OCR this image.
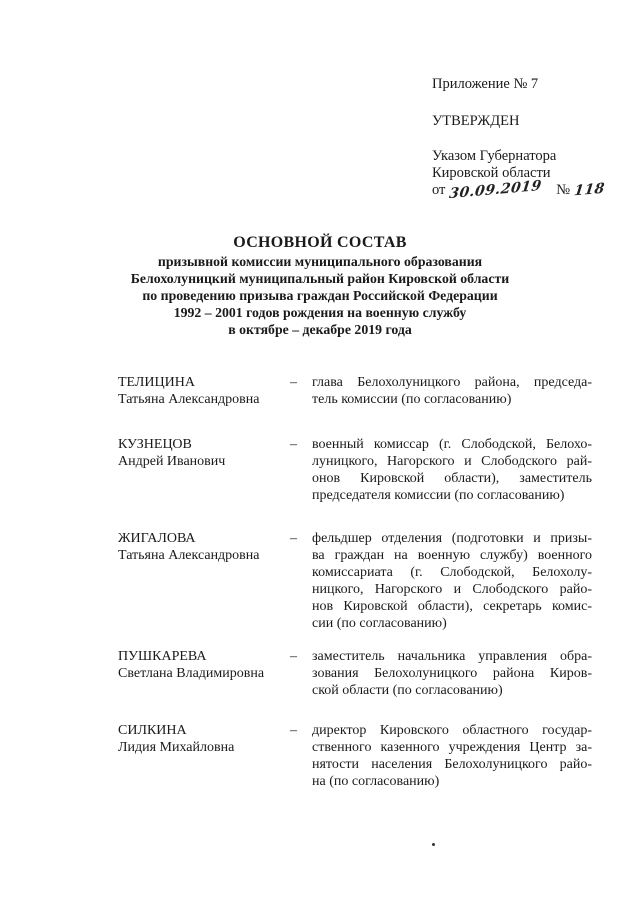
Приложение № 7
УТВЕРЖДЕН
Указом Губернатора
Кировской области
от 30.09.2019 № 118
ОСНОВНОЙ СОСТАВ
призывной комиссии муниципального образования
Белохолуницкий муниципальный район Кировской области
по проведению призыва граждан Российской Федерации
1992 – 2001 годов рождения на военную службу
в октябре – декабре 2019 года
ТЕЛИЦИНА
Татьяна Александровна
–	глава Белохолуницкого района, председа-
тель комиссии (по согласованию)
КУЗНЕЦОВ
Андрей Иванович
–	военный комиссар (г. Слободской, Белохо-
луницкого, Нагорского и Слободского рай-
онов Кировской области), заместитель
председателя комиссии (по согласованию)
ЖИГАЛОВА
Татьяна Александровна
–	фельдшер отделения (подготовки и призы-
ва граждан на военную службу) военного
комиссариата (г. Слободской, Белохолу-
ницкого, Нагорского и Слободского райо-
нов Кировской области), секретарь комис-
сии (по согласованию)
ПУШКАРЕВА
Светлана Владимировна
–	заместитель начальника управления обра-
зования Белохолуницкого района Киров-
ской области (по согласованию)
СИЛКИНА
Лидия Михайловна
–	директор Кировского областного государ-
ственного казенного учреждения Центр за-
нятости населения Белохолуницкого райо-
на (по согласованию)
